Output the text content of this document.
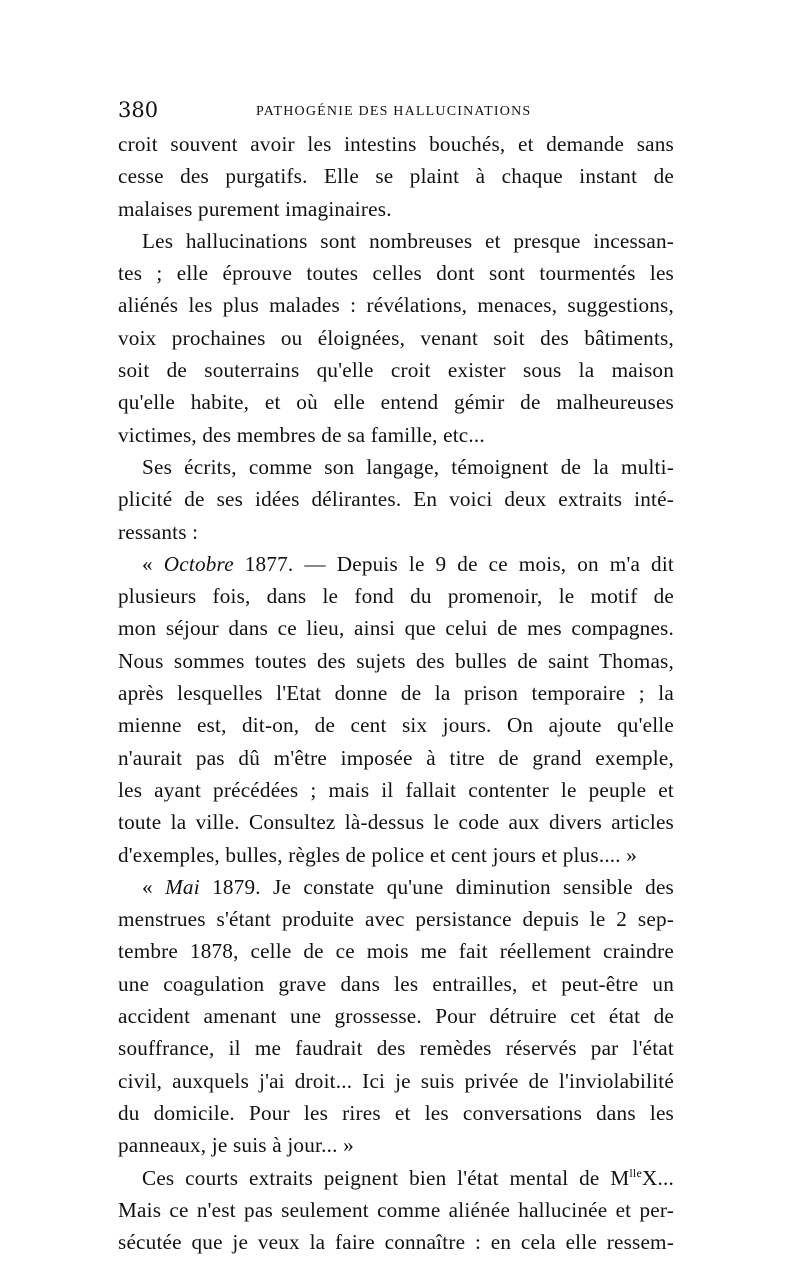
380	PATHOGÉNIE DES HALLUCINATIONS
croit souvent avoir les intestins bouchés, et demande sans
cesse des purgatifs. Elle se plaint à chaque instant de
malaises purement imaginaires.
Les hallucinations sont nombreuses et presque incessan-
tes ; elle éprouve toutes celles dont sont tourmentés les
aliénés les plus malades : révélations, menaces, suggestions,
voix prochaines ou éloignées, venant soit des bâtiments,
soit de souterrains qu'elle croit exister sous la maison
qu'elle habite, et où elle entend gémir de malheureuses
victimes, des membres de sa famille, etc...
Ses écrits, comme son langage, témoignent de la multi-
plicité de ses idées délirantes. En voici deux extraits inté-
ressants :
« Octobre 1877. — Depuis le 9 de ce mois, on m'a dit
plusieurs fois, dans le fond du promenoir, le motif de
mon séjour dans ce lieu, ainsi que celui de mes compagnes.
Nous sommes toutes des sujets des bulles de saint Thomas,
après lesquelles l'Etat donne de la prison temporaire ; la
mienne est, dit-on, de cent six jours. On ajoute qu'elle
n'aurait pas dû m'être imposée à titre de grand exemple,
les ayant précédées ; mais il fallait contenter le peuple et
toute la ville. Consultez là-dessus le code aux divers articles
d'exemples, bulles, règles de police et cent jours et plus.... »
« Mai 1879. Je constate qu'une diminution sensible des
menstrues s'étant produite avec persistance depuis le 2 sep-
tembre 1878, celle de ce mois me fait réellement craindre
une coagulation grave dans les entrailles, et peut-être un
accident amenant une grossesse. Pour détruire cet état de
souffrance, il me faudrait des remèdes réservés par l'état
civil, auxquels j'ai droit... Ici je suis privée de l'inviolabilité
du domicile. Pour les rires et les conversations dans les
panneaux, je suis à jour... »
Ces courts extraits peignent bien l'état mental de $M^{lle}X$...
Mais ce n'est pas seulement comme aliénée hallucinée et per-
sécutée que je veux la faire connaître : en cela elle ressem-
